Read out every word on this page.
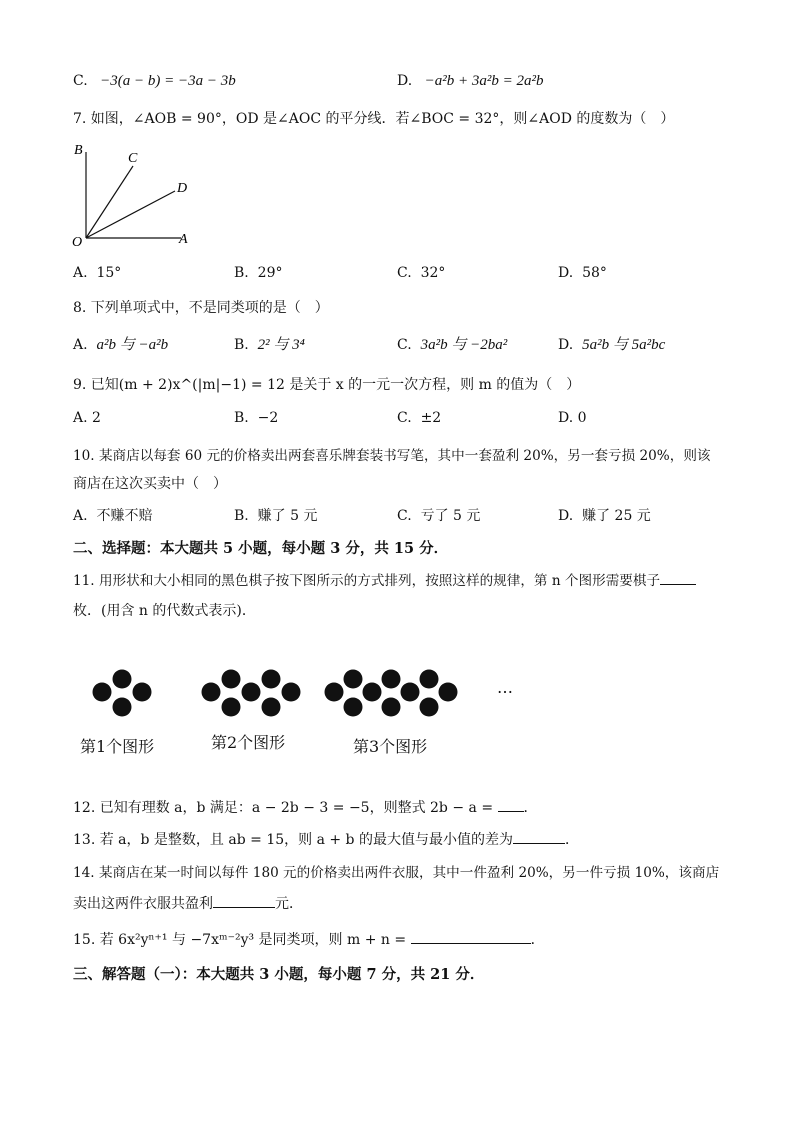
C. −3(a − b) = −3a − 3b	D. −a²b + 3a²b = 2a²b
7. 如图，∠AOB = 90°，OD 是∠AOC 的平分线．若∠BOC = 32°，则∠AOD 的度数为（　）
B
C
D
O	A
A. 15°	B. 29°	C. 32°	D. 58°
8. 下列单项式中，不是同类项的是（　）
A. a²b 与 −a²b	B. 2² 与 3⁴	C. 3a²b 与 −2ba²	D. 5a²b 与 5a²bc
9. 已知(m + 2)x^(|m|−1) = 12 是关于 x 的一元一次方程，则 m 的值为（　）
A. 2	B. −2	C. ±2	D. 0
10. 某商店以每套 60 元的价格卖出两套喜乐牌套装书写笔，其中一套盈利 20%，另一套亏损 20%，则该
商店在这次买卖中（　）
A. 不赚不赔	B. 赚了 5 元	C. 亏了 5 元	D. 赚了 25 元
二、选择题：本大题共 5 小题，每小题 3 分，共 15 分．
11. 用形状和大小相同的黑色棋子按下图所示的方式排列，按照这样的规律，第 n 个图形需要棋子
枚．(用含 n 的代数式表示)．
…
第1个图形	第2个图形	第3个图形
12. 已知有理数 a，b 满足：a − 2b − 3 = −5，则整式 2b − a = ．
13. 若 a，b 是整数，且 ab = 15，则 a + b 的最大值与最小值的差为	．
14. 某商店在某一时间以每件 180 元的价格卖出两件衣服，其中一件盈利 20%，另一件亏损 10%，该商店
卖出这两件衣服共盈利	元．
15. 若 6x²yⁿ⁺¹ 与 −7xᵐ⁻²y³ 是同类项，则 m + n =	．
三、解答题（一）：本大题共 3 小题，每小题 7 分，共 21 分．
